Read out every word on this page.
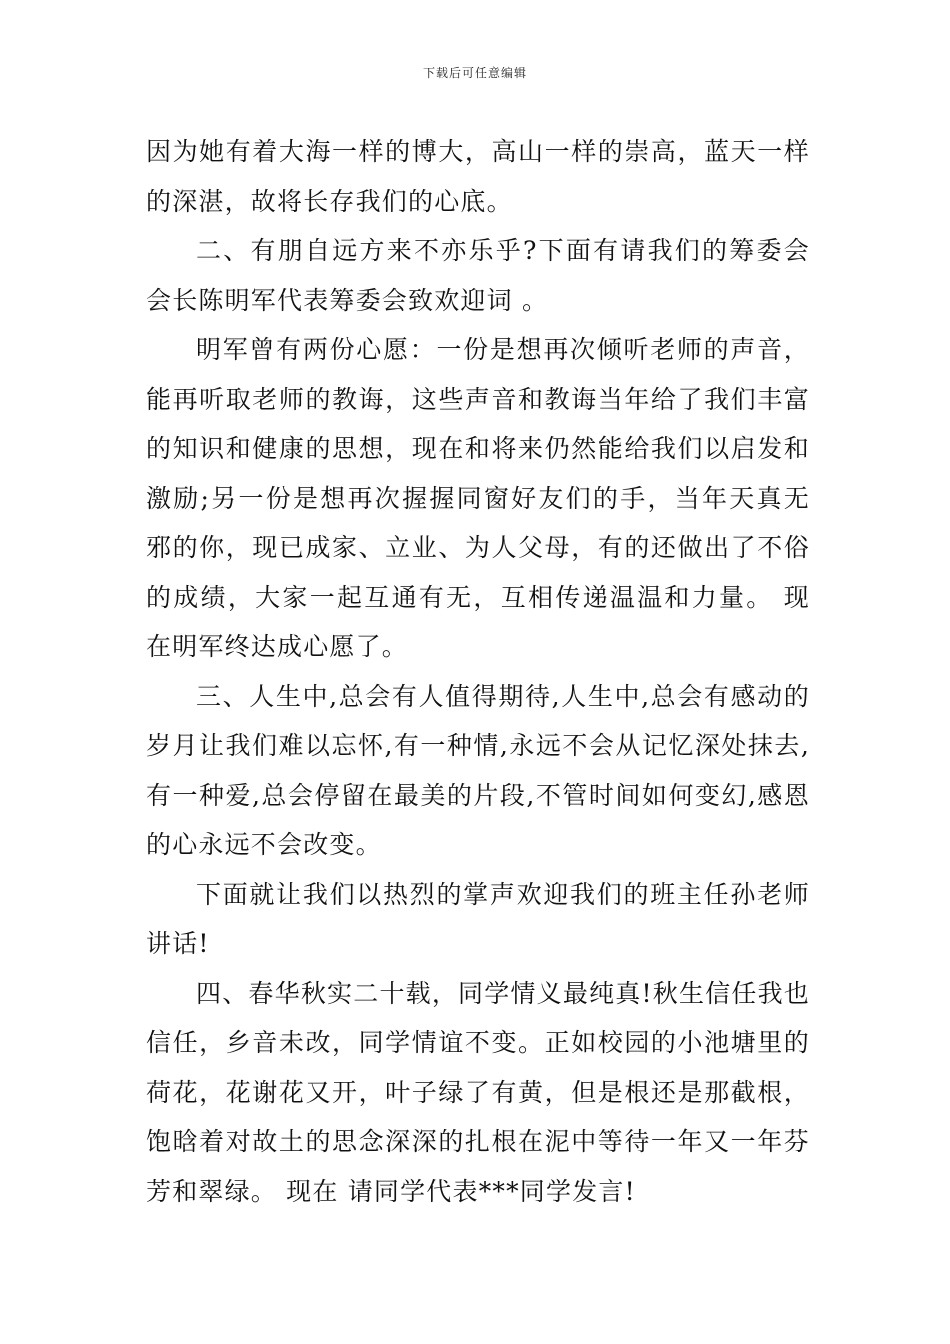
下载后可任意编辑

因为她有着大海一样的博大，高山一样的崇高，蓝天一样的深湛，故将长存我们的心底。

二、有朋自远方来不亦乐乎?下面有请我们的筹委会会长陈明军代表筹委会致欢迎词 。

明军曾有两份心愿：一份是想再次倾听老师的声音，能再听取老师的教诲，这些声音和教诲当年给了我们丰富的知识和健康的思想，现在和将来仍然能给我们以启发和激励;另一份是想再次握握同窗好友们的手，当年天真无邪的你，现已成家、立业、为人父母，有的还做出了不俗的成绩，大家一起互通有无，互相传递温温和力量。 现在明军终达成心愿了。

三、人生中,总会有人值得期待,人生中,总会有感动的岁月让我们难以忘怀,有一种情,永远不会从记忆深处抹去,有一种爱,总会停留在最美的片段,不管时间如何变幻,感恩的心永远不会改变。

下面就让我们以热烈的掌声欢迎我们的班主任孙老师讲话!

四、春华秋实二十载，同学情义最纯真!秋生信任我也信任，乡音未改，同学情谊不变。正如校园的小池塘里的荷花，花谢花又开，叶子绿了有黄，但是根还是那截根，饱晗着对故土的思念深深的扎根在泥中等待一年又一年芬芳和翠绿。 现在 请同学代表***同学发言!
